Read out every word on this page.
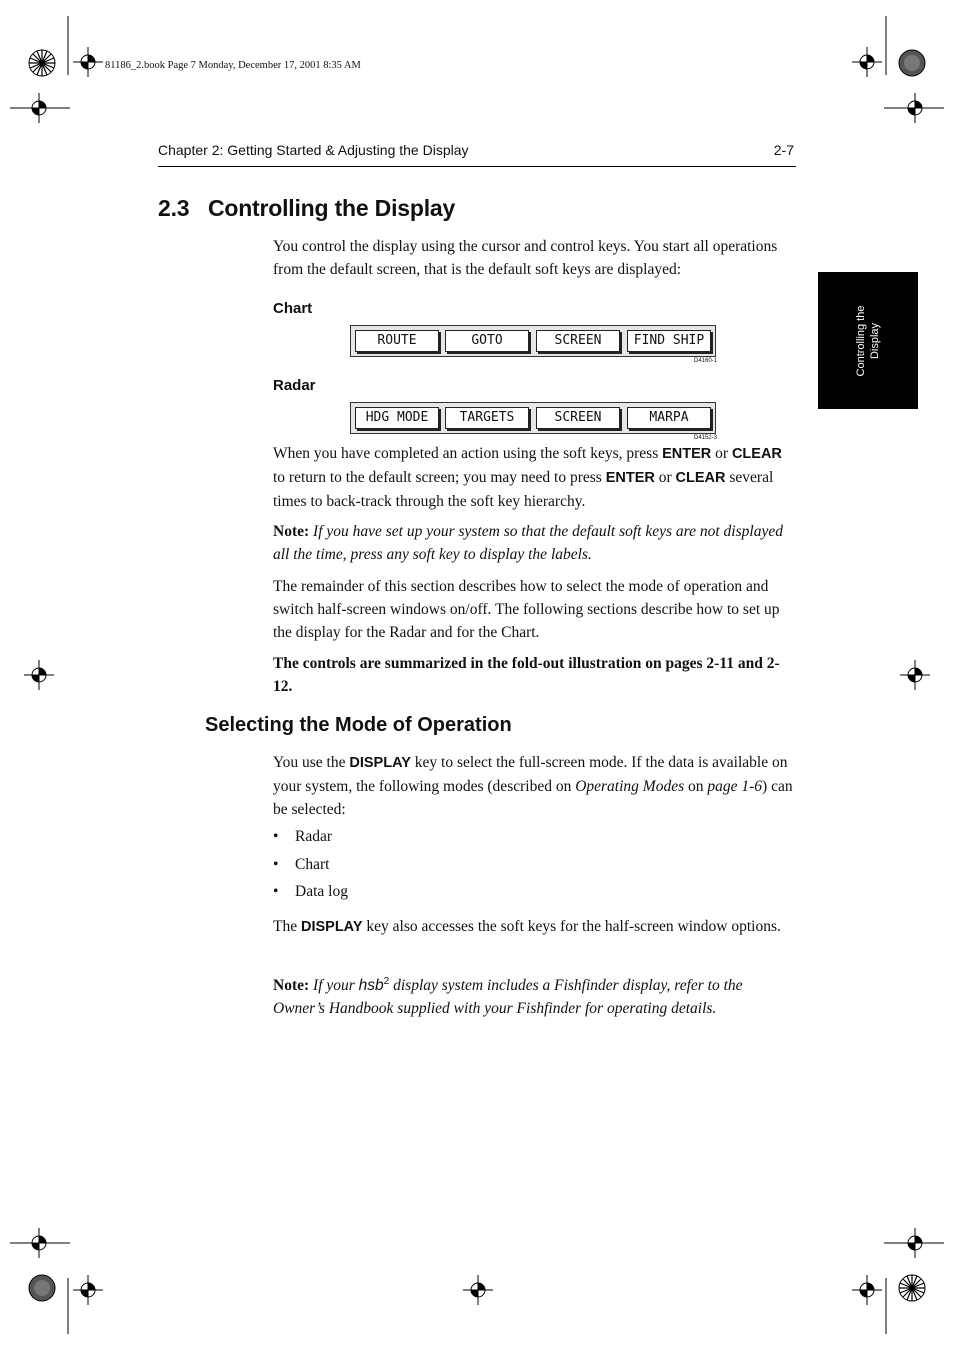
81186_2.book Page 7 Monday, December 17, 2001 8:35 AM
Chapter 2: Getting Started & Adjusting the Display	2-7
Controlling the Display
2.3   Controlling the Display
You control the display using the cursor and control keys. You start all operations from the default screen, that is the default soft keys are displayed:
Chart
ROUTE	GOTO	SCREEN	FIND SHIP
D4160-1
Radar
HDG MODE	TARGETS	SCREEN	MARPA
D4152-3
When you have completed an action using the soft keys, press ENTER or CLEAR to return to the default screen; you may need to press ENTER or CLEAR several times to back-track through the soft key hierarchy.
Note: If you have set up your system so that the default soft keys are not displayed all the time, press any soft key to display the labels.
The remainder of this section describes how to select the mode of operation and switch half-screen windows on/off. The following sections describe how to set up the display for the Radar and for the Chart.
The controls are summarized in the fold-out illustration on pages 2-11 and 2-12.
Selecting the Mode of Operation
You use the DISPLAY key to select the full-screen mode. If the data is available on your system, the following modes (described on Operating Modes on page 1-6) can be selected:
• Radar
• Chart
• Data log
The DISPLAY key also accesses the soft keys for the half-screen window options.
Note: If your hsb$^2$ display system includes a Fishfinder display, refer to the Owner’s Handbook supplied with your Fishfinder for operating details.
